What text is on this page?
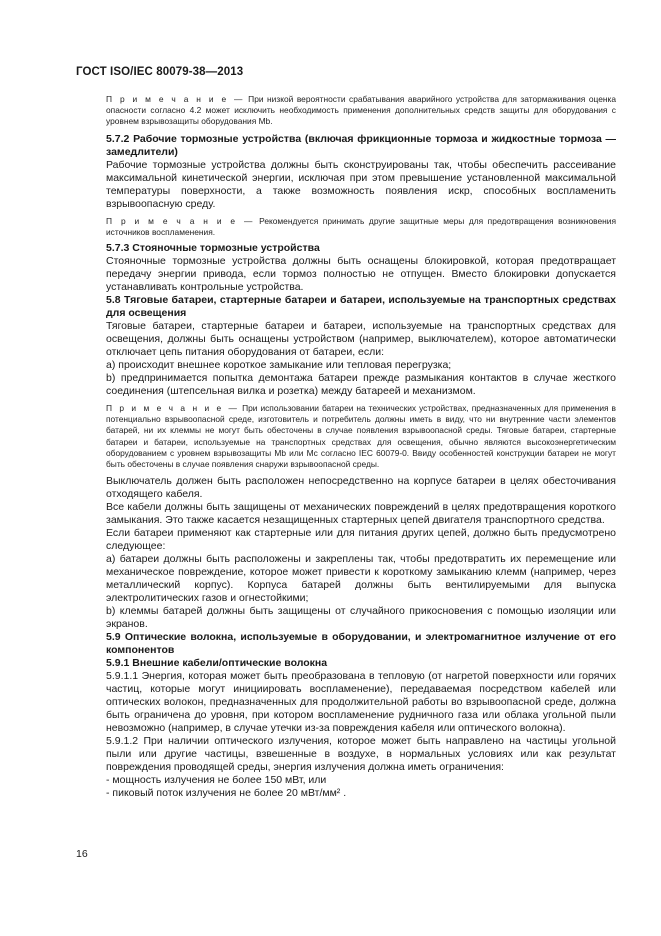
ГОСТ ISO/IEC 80079-38—2013

П р и м е ч а н и е — При низкой вероятности срабатывания аварийного устройства для затормаживания оценка опасности согласно 4.2 может исключить необходимость применения дополнительных средств защиты для оборудования с уровнем взрывозащиты оборудования Mb.

5.7.2 Рабочие тормозные устройства (включая фрикционные тормоза и жидкостные тормоза — замедлители)

Рабочие тормозные устройства должны быть сконструированы так, чтобы обеспечить рассеивание максимальной кинетической энергии, исключая при этом превышение установленной максимальной температуры поверхности, а также возможность появления искр, способных воспламенить взрывоопасную среду.

П р и м е ч а н и е — Рекомендуется принимать другие защитные меры для предотвращения возникновения источников воспламенения.

5.7.3 Стояночные тормозные устройства

Стояночные тормозные устройства должны быть оснащены блокировкой, которая предотвращает передачу энергии привода, если тормоз полностью не отпущен. Вместо блокировки допускается устанавливать контрольные устройства.

5.8 Тяговые батареи, стартерные батареи и батареи, используемые на транспортных средствах для освещения

Тяговые батареи, стартерные батареи и батареи, используемые на транспортных средствах для освещения, должны быть оснащены устройством (например, выключателем), которое автоматически отключает цепь питания оборудования от батареи, если:

а) происходит внешнее короткое замыкание или тепловая перегрузка;

b) предпринимается попытка демонтажа батареи прежде размыкания контактов в случае жесткого соединения (штепсельная вилка и розетка) между батареей и механизмом.

П р и м е ч а н и е — При использовании батареи на технических устройствах, предназначенных для применения в потенциально взрывоопасной среде, изготовитель и потребитель должны иметь в виду, что ни внутренние части элементов батарей, ни их клеммы не могут быть обесточены в случае появления взрывоопасной среды. Тяговые батареи, стартерные батареи и батареи, используемые на транспортных средствах для освещения, обычно являются высокоэнергетическим оборудованием с уровнем взрывозащиты Mb или Mc согласно IEC 60079-0. Ввиду особенностей конструкции батареи не могут быть обесточены в случае появления снаружи взрывоопасной среды.

Выключатель должен быть расположен непосредственно на корпусе батареи в целях обесточивания отходящего кабеля.

Все кабели должны быть защищены от механических повреждений в целях предотвращения короткого замыкания. Это также касается незащищенных стартерных цепей двигателя транспортного средства.

Если батареи применяют как стартерные или для питания других цепей, должно быть предусмотрено следующее:

а) батареи должны быть расположены и закреплены так, чтобы предотвратить их перемещение или механическое повреждение, которое может привести к короткому замыканию клемм (например, через металлический корпус). Корпуса батарей должны быть вентилируемыми для выпуска электролитических газов и огнестойкими;

b) клеммы батарей должны быть защищены от случайного прикосновения с помощью изоляции или экранов.

5.9 Оптические волокна, используемые в оборудовании, и электромагнитное излучение от его компонентов

5.9.1 Внешние кабели/оптические волокна

5.9.1.1 Энергия, которая может быть преобразована в тепловую (от нагретой поверхности или горячих частиц, которые могут инициировать воспламенение), передаваемая посредством кабелей или оптических волокон, предназначенных для продолжительной работы во взрывоопасной среде, должна быть ограничена до уровня, при котором воспламенение рудничного газа или облака угольной пыли невозможно (например, в случае утечки из-за повреждения кабеля или оптического волокна).

5.9.1.2 При наличии оптического излучения, которое может быть направлено на частицы угольной пыли или другие частицы, взвешенные в воздухе, в нормальных условиях или как результат повреждения проводящей среды, энергия излучения должна иметь ограничения:

- мощность излучения не более 150 мВт, или

- пиковый поток излучения не более 20 мВт/мм² .

16
